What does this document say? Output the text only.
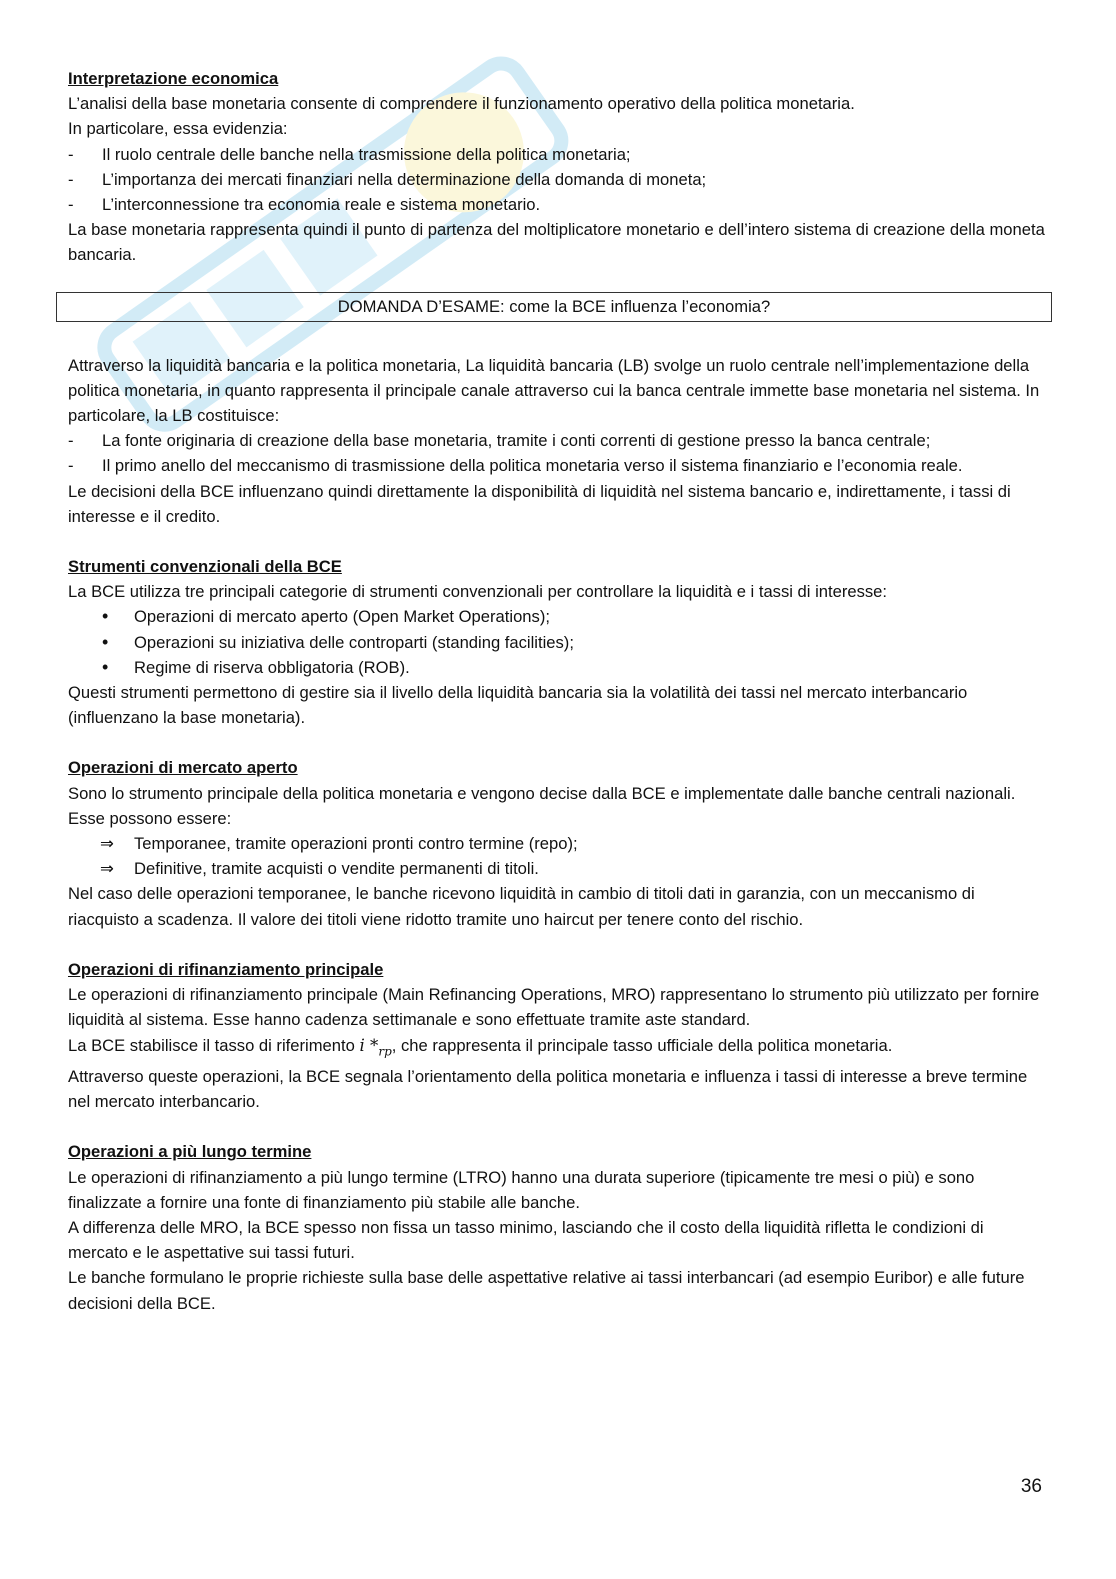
DOMANDA D’ESAME: come la BCE influenza l’economia?

Interpretazione economica

L’analisi della base monetaria consente di comprendere il funzionamento operativo della politica monetaria.

In particolare, essa evidenzia:

- Il ruolo centrale delle banche nella trasmissione della politica monetaria;
- L’importanza dei mercati finanziari nella determinazione della domanda di moneta;
- L’interconnessione tra economia reale e sistema monetario.

La base monetaria rappresenta quindi il punto di partenza del moltiplicatore monetario e dell’intero sistema di creazione della moneta bancaria.

Attraverso la liquidità bancaria e la politica monetaria, La liquidità bancaria (LB) svolge un ruolo centrale nell’implementazione della politica monetaria, in quanto rappresenta il principale canale attraverso cui la banca centrale immette base monetaria nel sistema. In particolare, la LB costituisce:

- La fonte originaria di creazione della base monetaria, tramite i conti correnti di gestione presso la banca centrale;
- Il primo anello del meccanismo di trasmissione della politica monetaria verso il sistema finanziario e l’economia reale.

Le decisioni della BCE influenzano quindi direttamente la disponibilità di liquidità nel sistema bancario e, indirettamente, i tassi di interesse e il credito.

Strumenti convenzionali della BCE

La BCE utilizza tre principali categorie di strumenti convenzionali per controllare la liquidità e i tassi di interesse:

• Operazioni di mercato aperto (Open Market Operations);
• Operazioni su iniziativa delle controparti (standing facilities);
• Regime di riserva obbligatoria (ROB).

Questi strumenti permettono di gestire sia il livello della liquidità bancaria sia la volatilità dei tassi nel mercato interbancario (influenzano la base monetaria).

Operazioni di mercato aperto

Sono lo strumento principale della politica monetaria e vengono decise dalla BCE e implementate dalle banche centrali nazionali. Esse possono essere:

⇒ Temporanee, tramite operazioni pronti contro termine (repo);
⇒ Definitive, tramite acquisti o vendite permanenti di titoli.

Nel caso delle operazioni temporanee, le banche ricevono liquidità in cambio di titoli dati in garanzia, con un meccanismo di riacquisto a scadenza. Il valore dei titoli viene ridotto tramite uno haircut per tenere conto del rischio.

Operazioni di rifinanziamento principale

Le operazioni di rifinanziamento principale (Main Refinancing Operations, MRO) rappresentano lo strumento più utilizzato per fornire liquidità al sistema. Esse hanno cadenza settimanale e sono effettuate tramite aste standard.

La BCE stabilisce il tasso di riferimento i $*_{rp}$, che rappresenta il principale tasso ufficiale della politica monetaria.

Attraverso queste operazioni, la BCE segnala l’orientamento della politica monetaria e influenza i tassi di interesse a breve termine nel mercato interbancario.

Operazioni a più lungo termine

Le operazioni di rifinanziamento a più lungo termine (LTRO) hanno una durata superiore (tipicamente tre mesi o più) e sono finalizzate a fornire una fonte di finanziamento più stabile alle banche.

A differenza delle MRO, la BCE spesso non fissa un tasso minimo, lasciando che il costo della liquidità rifletta le condizioni di mercato e le aspettative sui tassi futuri.

Le banche formulano le proprie richieste sulla base delle aspettative relative ai tassi interbancari (ad esempio Euribor) e alle future decisioni della BCE.

36
